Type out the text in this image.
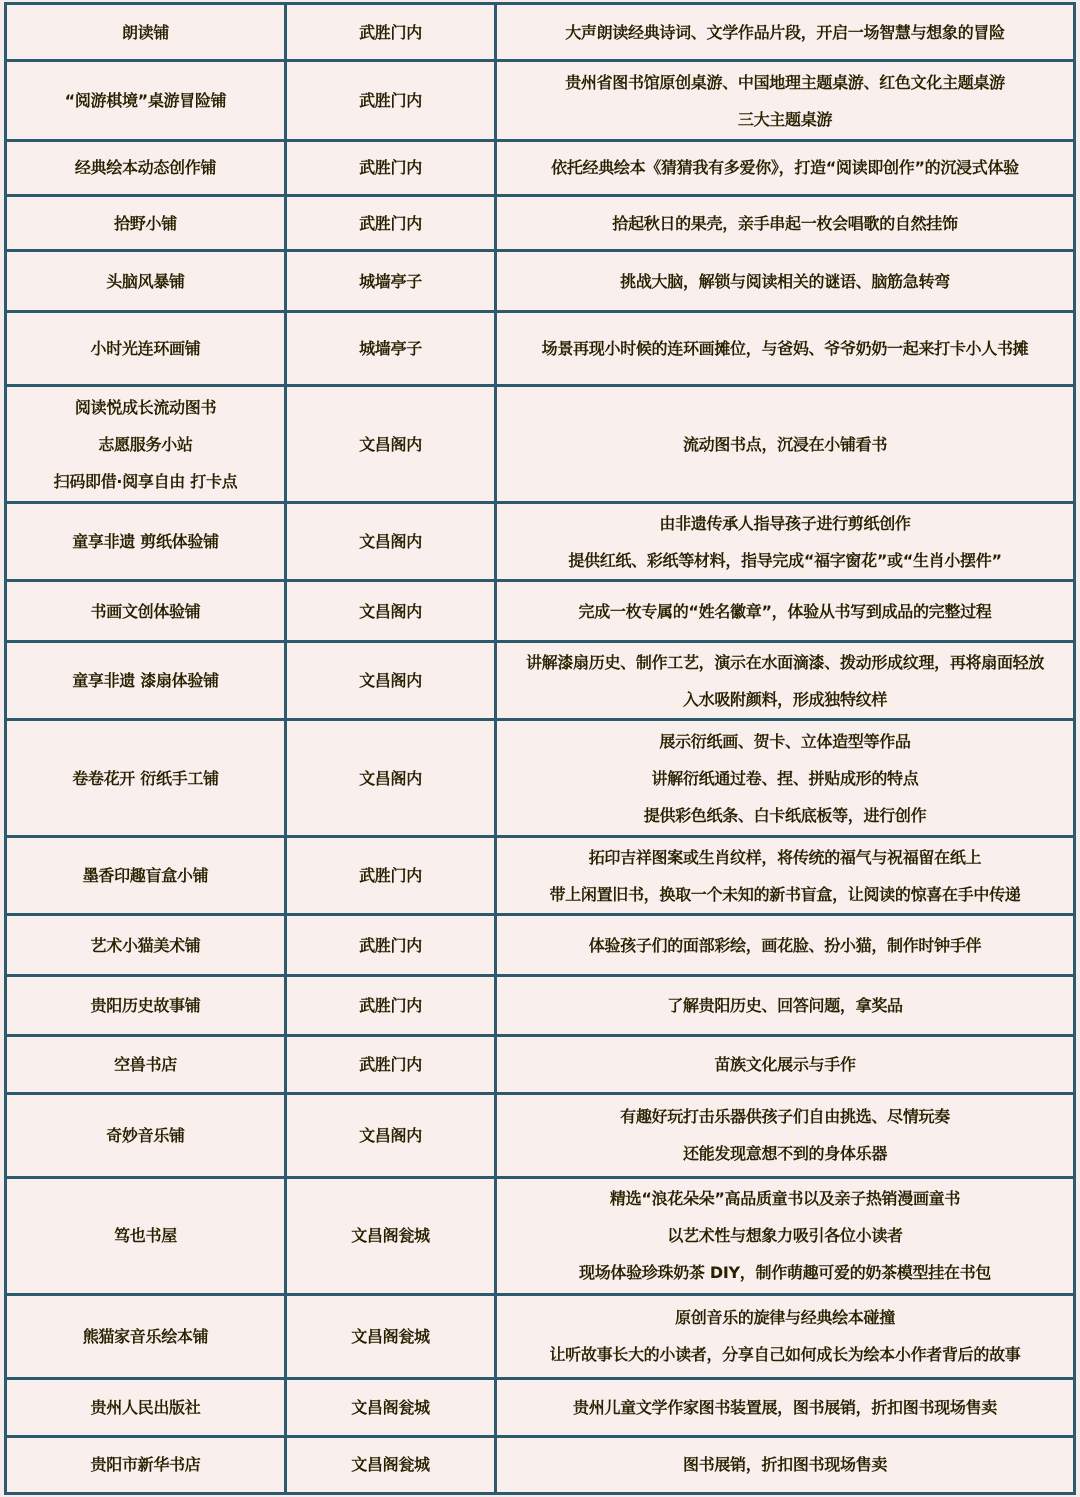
朗读铺	武胜门内	大声朗读经典诗词、文学作品片段，开启一场智慧与想象的冒险

“阅游棋境”桌游冒险铺	武胜门内	贵州省图书馆原创桌游、中国地理主题桌游、红色文化主题桌游
三大主题桌游

经典绘本动态创作铺	武胜门内	依托经典绘本《猜猜我有多爱你》，打造“阅读即创作”的沉浸式体验

拾野小铺	武胜门内	拾起秋日的果壳，亲手串起一枚会唱歌的自然挂饰

头脑风暴铺	城墙亭子	挑战大脑，解锁与阅读相关的谜语、脑筋急转弯

小时光连环画铺	城墙亭子	场景再现小时候的连环画摊位，与爸妈、爷爷奶奶一起来打卡小人书摊

阅读悦成长流动图书
志愿服务小站
扫码即借·阅享自由 打卡点	文昌阁内	流动图书点，沉浸在小铺看书

童享非遗 剪纸体验铺	文昌阁内	由非遗传承人指导孩子进行剪纸创作
提供红纸、彩纸等材料，指导完成“福字窗花”或“生肖小摆件”

书画文创体验铺	文昌阁内	完成一枚专属的“姓名徽章”，体验从书写到成品的完整过程

童享非遗 漆扇体验铺	文昌阁内	讲解漆扇历史、制作工艺，演示在水面滴漆、拨动形成纹理，再将扇面轻放
入水吸附颜料，形成独特纹样

卷卷花开 衍纸手工铺	文昌阁内	展示衍纸画、贺卡、立体造型等作品
讲解衍纸通过卷、捏、拼贴成形的特点
提供彩色纸条、白卡纸底板等，进行创作

墨香印趣盲盒小铺	武胜门内	拓印吉祥图案或生肖纹样，将传统的福气与祝福留在纸上
带上闲置旧书，换取一个未知的新书盲盒，让阅读的惊喜在手中传递

艺术小猫美术铺	武胜门内	体验孩子们的面部彩绘，画花脸、扮小猫，制作时钟手伴

贵阳历史故事铺	武胜门内	了解贵阳历史、回答问题，拿奖品

空兽书店	武胜门内	苗族文化展示与手作

奇妙音乐铺	文昌阁内	有趣好玩打击乐器供孩子们自由挑选、尽情玩奏
还能发现意想不到的身体乐器

笃也书屋	文昌阁瓮城	精选“浪花朵朵”高品质童书以及亲子热销漫画童书
以艺术性与想象力吸引各位小读者
现场体验珍珠奶茶 DIY，制作萌趣可爱的奶茶模型挂在书包

熊猫家音乐绘本铺	文昌阁瓮城	原创音乐的旋律与经典绘本碰撞
让听故事长大的小读者，分享自己如何成长为绘本小作者背后的故事

贵州人民出版社	文昌阁瓮城	贵州儿童文学作家图书装置展，图书展销，折扣图书现场售卖

贵阳市新华书店	文昌阁瓮城	图书展销，折扣图书现场售卖
